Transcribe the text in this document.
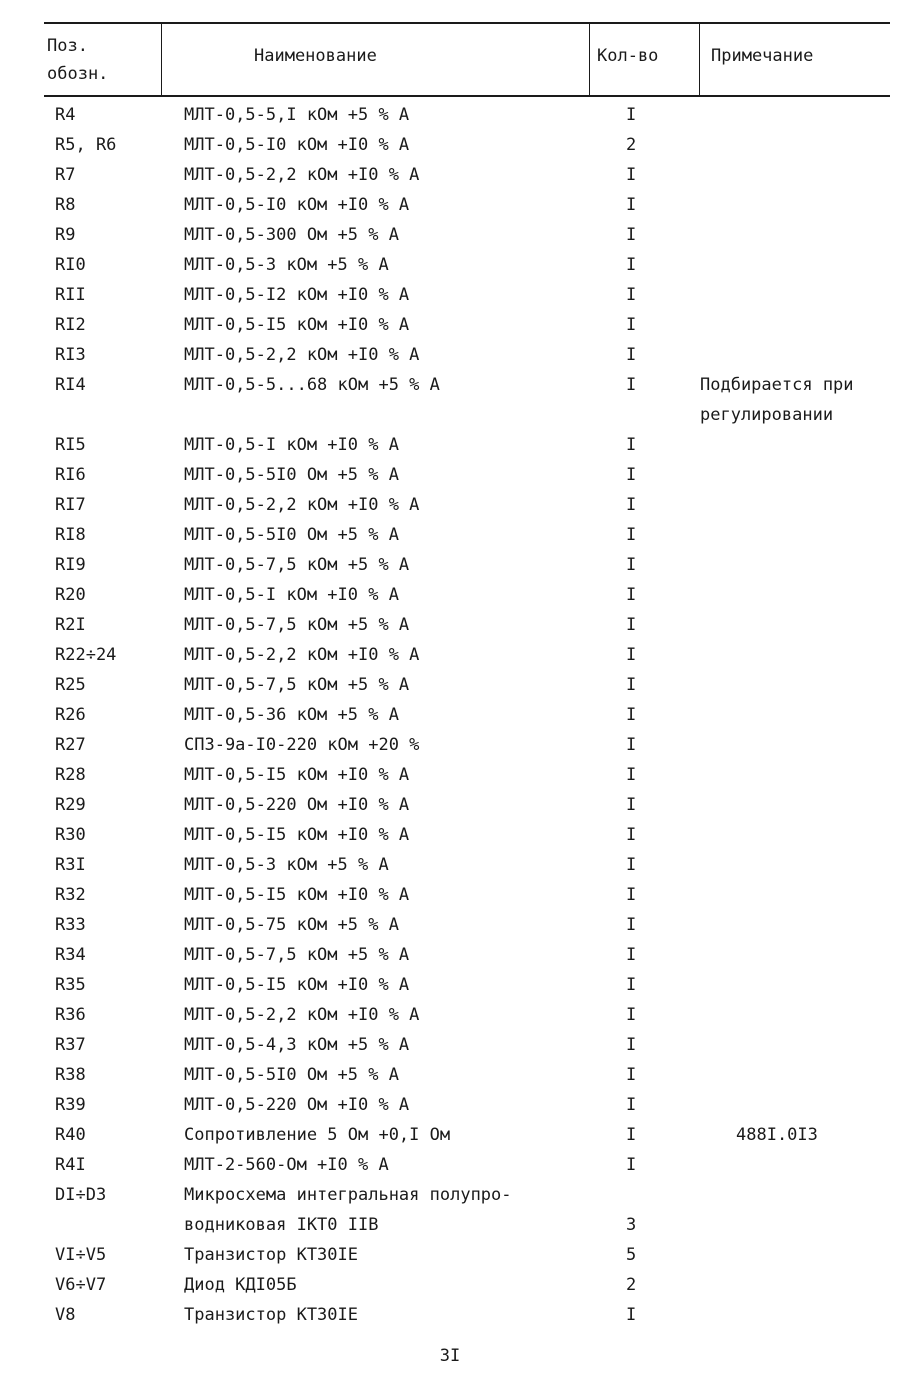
Поз.
обозн.
Наименование	Кол-во	Примечание
R4	МЛТ-0,5-5,I кОм +5 % А	I
R5, R6	МЛТ-0,5-I0 кОм +I0 % А	2
R7	МЛТ-0,5-2,2 кОм +I0 % А	I
R8	МЛТ-0,5-I0 кОм +I0 % А	I
R9	МЛТ-0,5-300 Ом +5 % А	I
RI0	МЛТ-0,5-3 кОм +5 % А	I
RII	МЛТ-0,5-I2 кОм +I0 % А	I
RI2	МЛТ-0,5-I5 кОм +I0 % А	I
RI3	МЛТ-0,5-2,2 кОм +I0 % А	I
RI4	МЛТ-0,5-5...68 кОм +5 % А	I	Подбирается при
регулировании
RI5	МЛТ-0,5-I кОм +I0 % А	I
RI6	МЛТ-0,5-5I0 Ом +5 % А	I
RI7	МЛТ-0,5-2,2 кОм +I0 % А	I
RI8	МЛТ-0,5-5I0 Ом +5 % А	I
RI9	МЛТ-0,5-7,5 кОм +5 % А	I
R20	МЛТ-0,5-I кОм +I0 % А	I
R2I	МЛТ-0,5-7,5 кОм +5 % А	I
R22÷24	МЛТ-0,5-2,2 кОм +I0 % А	I
R25	МЛТ-0,5-7,5 кОм +5 % А	I
R26	МЛТ-0,5-36 кОм +5 % А	I
R27	СП3-9а-I0-220 кОм +20 %	I
R28	МЛТ-0,5-I5 кОм +I0 % А	I
R29	МЛТ-0,5-220 Ом +I0 % А	I
R30	МЛТ-0,5-I5 кОм +I0 % А	I
R3I	МЛТ-0,5-3 кОм +5 % А	I
R32	МЛТ-0,5-I5 кОм +I0 % А	I
R33	МЛТ-0,5-75 кОм +5 % А	I
R34	МЛТ-0,5-7,5 кОм +5 % А	I
R35	МЛТ-0,5-I5 кОм +I0 % А	I
R36	МЛТ-0,5-2,2 кОм +I0 % А	I
R37	МЛТ-0,5-4,3 кОм +5 % А	I
R38	МЛТ-0,5-5I0 Ом +5 % А	I
R39	МЛТ-0,5-220 Ом +I0 % А	I
R40	Сопротивление 5 Ом +0,I Ом	I	488I.0I3
R4I	МЛТ-2-560-Ом +I0 % А	I
DI÷D3	Микросхема интегральная полупро-
водниковая IКТ0 IIВ	3
VI÷V5	Транзистор КТ30IЕ	5
V6÷V7	Диод КДI05Б	2
V8	Транзистор КТ30IЕ	I
3I
